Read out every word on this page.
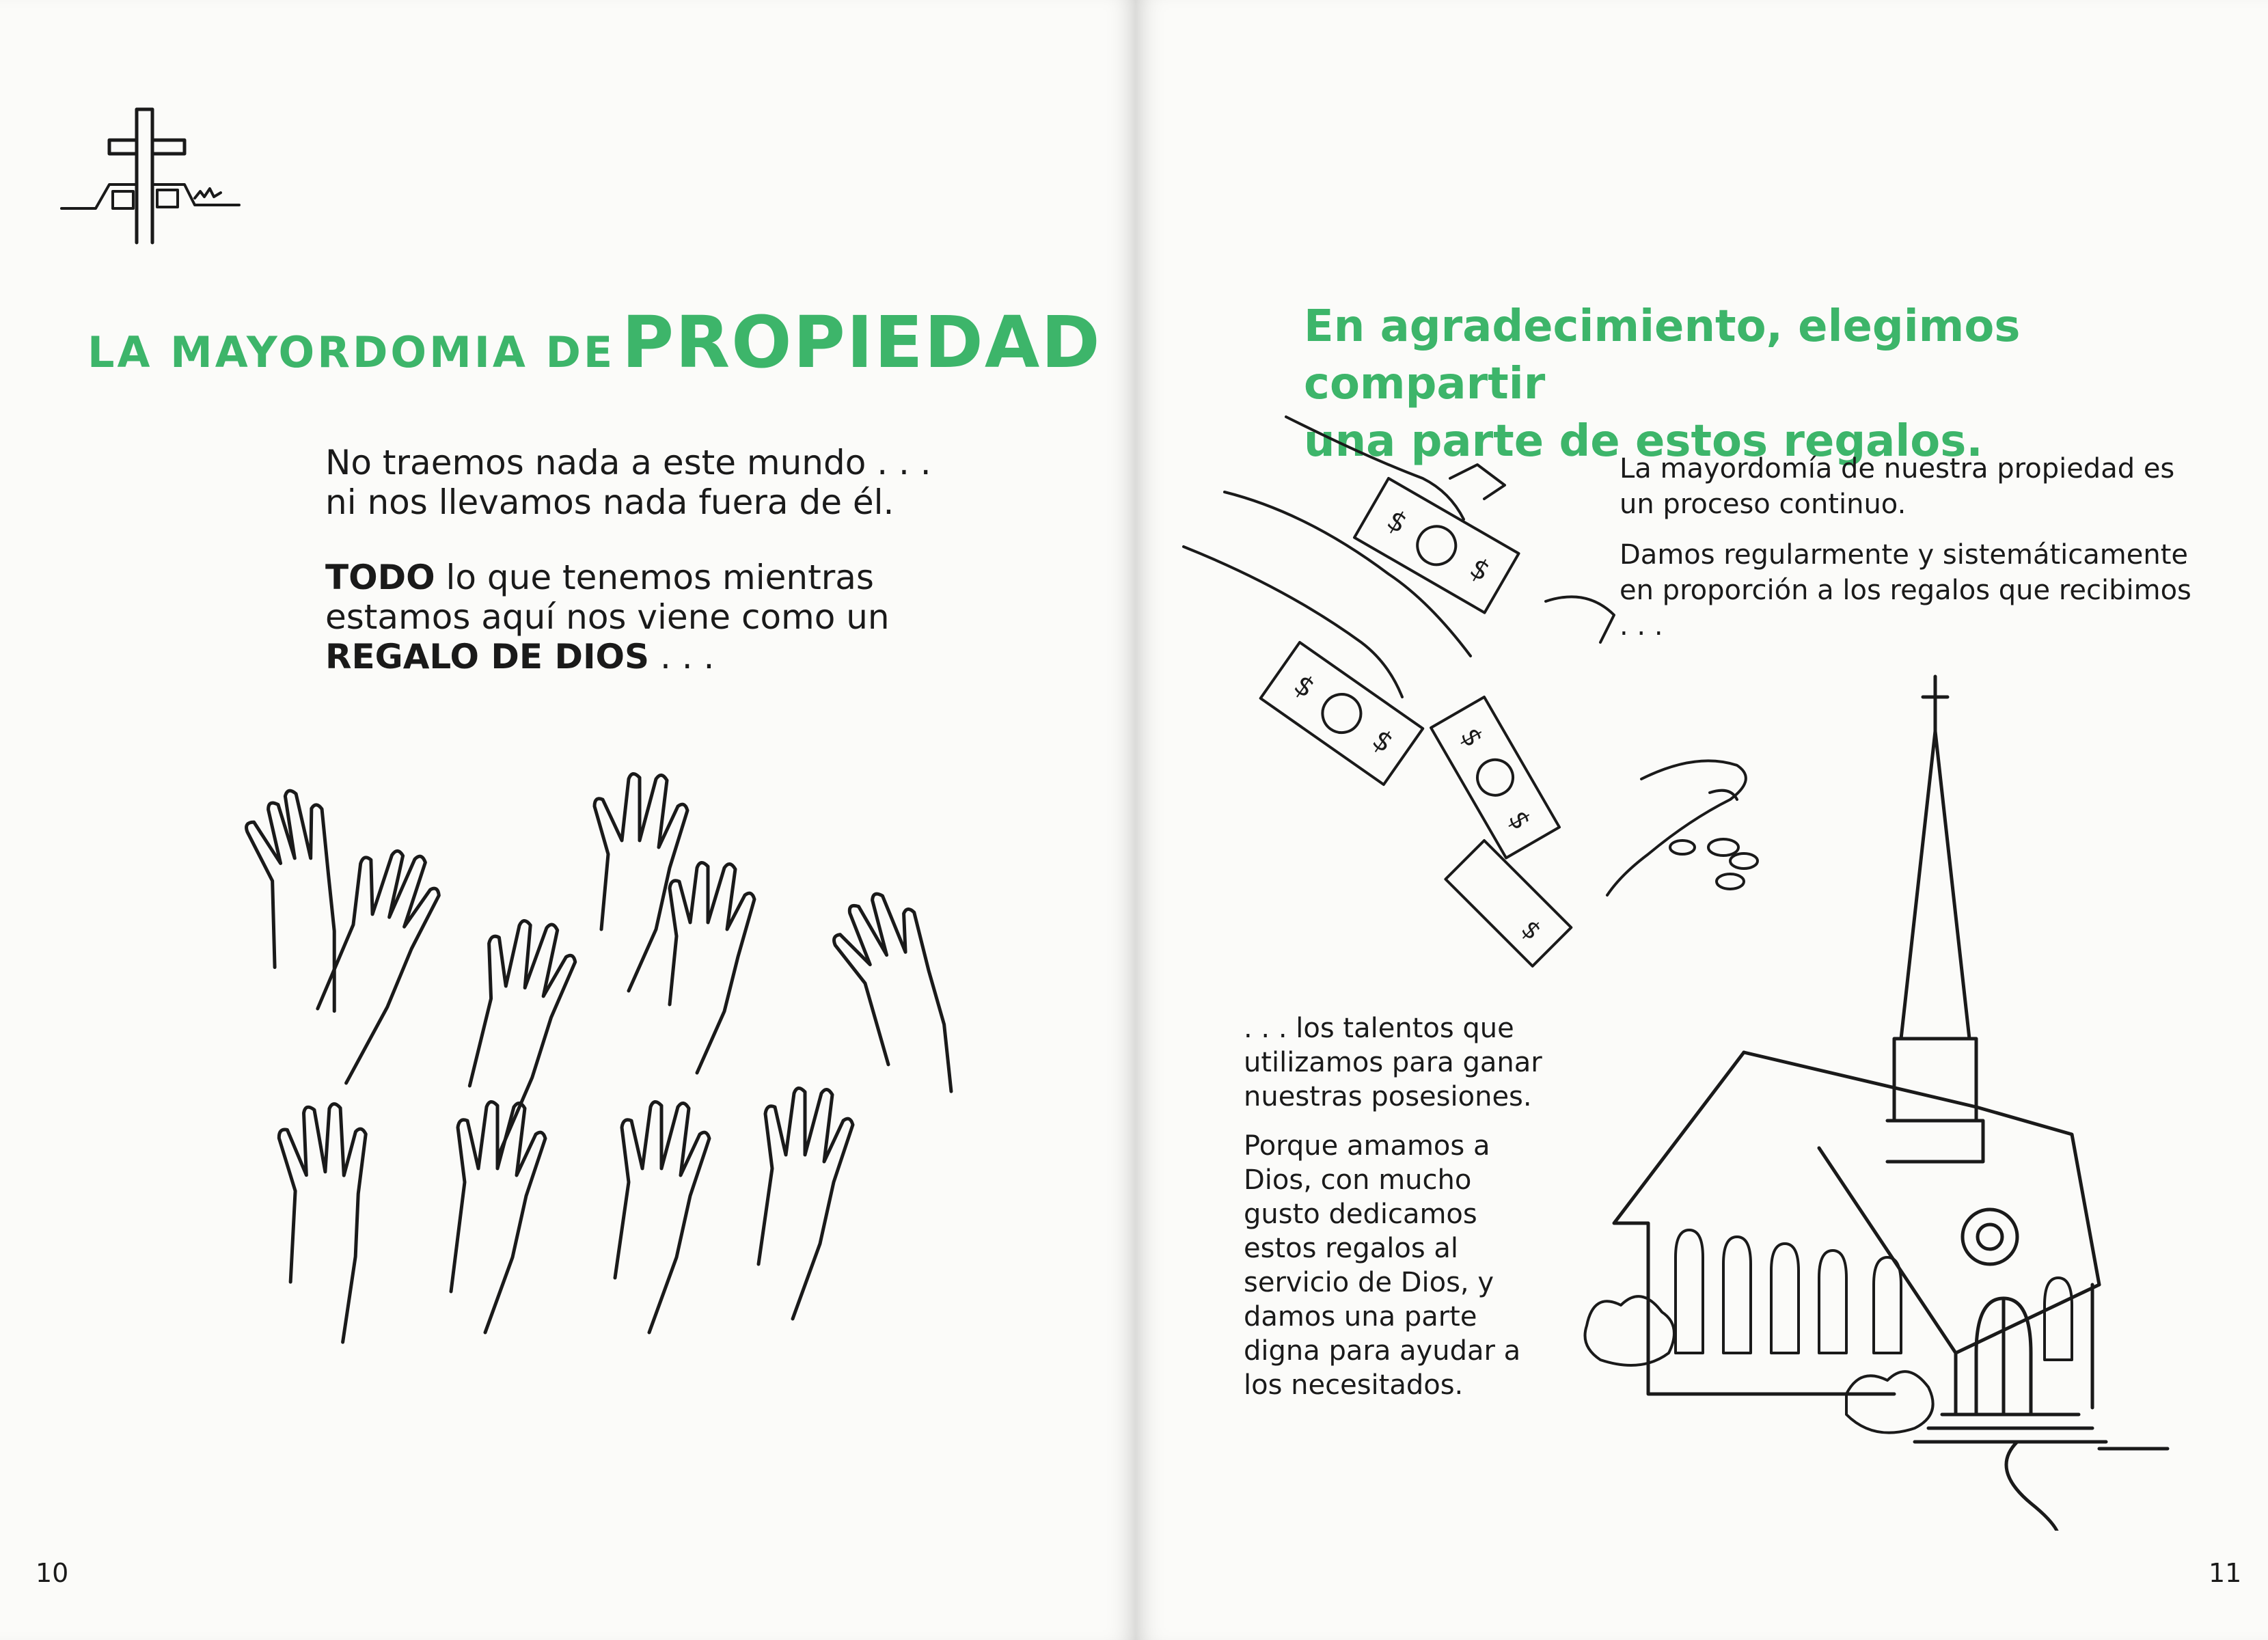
LA MAYORDOMIA DE PROPIEDAD

No traemos nada a este mundo . . .
ni nos llevamos nada fuera de él.

TODO lo que tenemos mientras
estamos aquí nos viene como un
REGALO DE DIOS . . .

10
En agradecimiento, elegimos compartir
una parte de estos regalos.

La mayordomía de nuestra propiedad es un proceso continuo.

Damos regularmente y sistemáticamente en proporción a los regalos que recibimos . . .

$
$
$
$ $
$
$

. . . los talentos que utilizamos para ganar nuestras posesiones.

Porque amamos a Dios, con mucho gusto dedicamos estos regalos al servicio de Dios, y damos una parte digna para ayudar a los necesitados.

11
